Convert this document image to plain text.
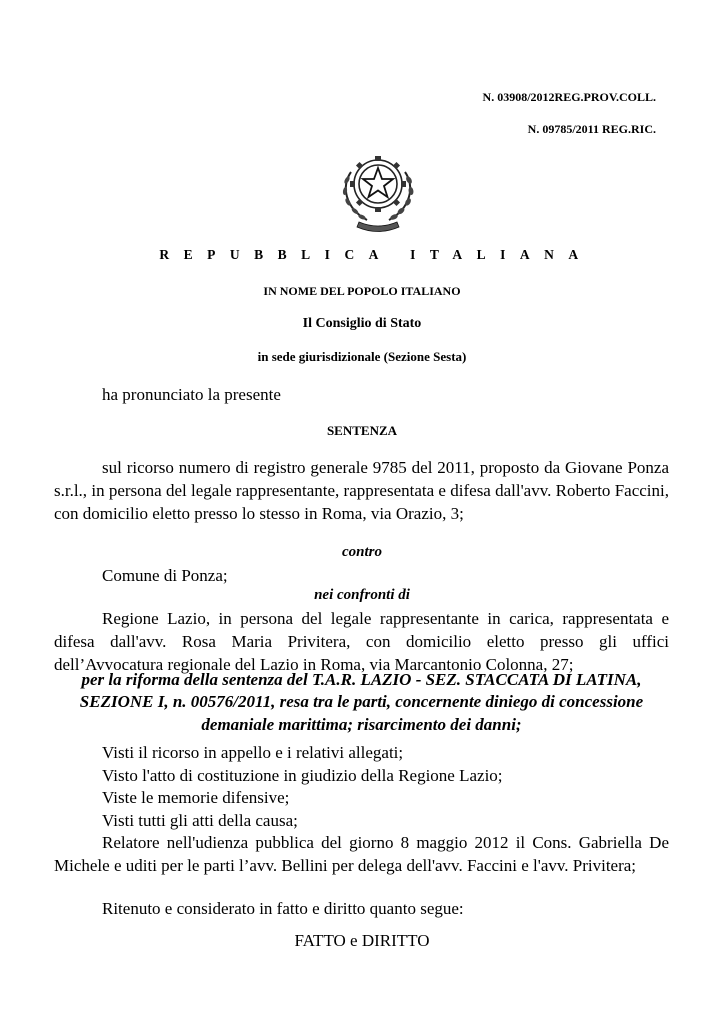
N. 03908/2012REG.PROV.COLL.
N. 09785/2011 REG.RIC.
REPUBBLICA ITALIANA
IN NOME DEL POPOLO ITALIANO
Il Consiglio di Stato
in sede giurisdizionale (Sezione Sesta)
ha pronunciato la presente
SENTENZA
sul ricorso numero di registro generale 9785 del 2011, proposto da Giovane Ponza s.r.l., in persona del legale rappresentante, rappresentata e difesa dall'avv. Roberto Faccini, con domicilio eletto presso lo stesso in Roma, via Orazio, 3;
contro
Comune di Ponza;
nei confronti di
Regione Lazio, in persona del legale rappresentante in carica, rappresentata e difesa dall'avv. Rosa Maria Privitera, con domicilio eletto presso gli uffici dell’Avvocatura regionale del Lazio in Roma, via Marcantonio Colonna, 27;
per la riforma della sentenza del T.A.R. LAZIO - SEZ. STACCATA DI LATINA, SEZIONE I, n. 00576/2011, resa tra le parti, concernente diniego di concessione demaniale marittima; risarcimento dei danni;
Visti il ricorso in appello e i relativi allegati;
Visto l'atto di costituzione in giudizio della Regione Lazio;
Viste le memorie difensive;
Visti tutti gli atti della causa;
Relatore nell'udienza pubblica del giorno 8 maggio 2012 il Cons. Gabriella De Michele e uditi per le parti l’avv. Bellini per delega dell'avv. Faccini e l'avv. Privitera;
Ritenuto e considerato in fatto e diritto quanto segue:
FATTO e DIRITTO
